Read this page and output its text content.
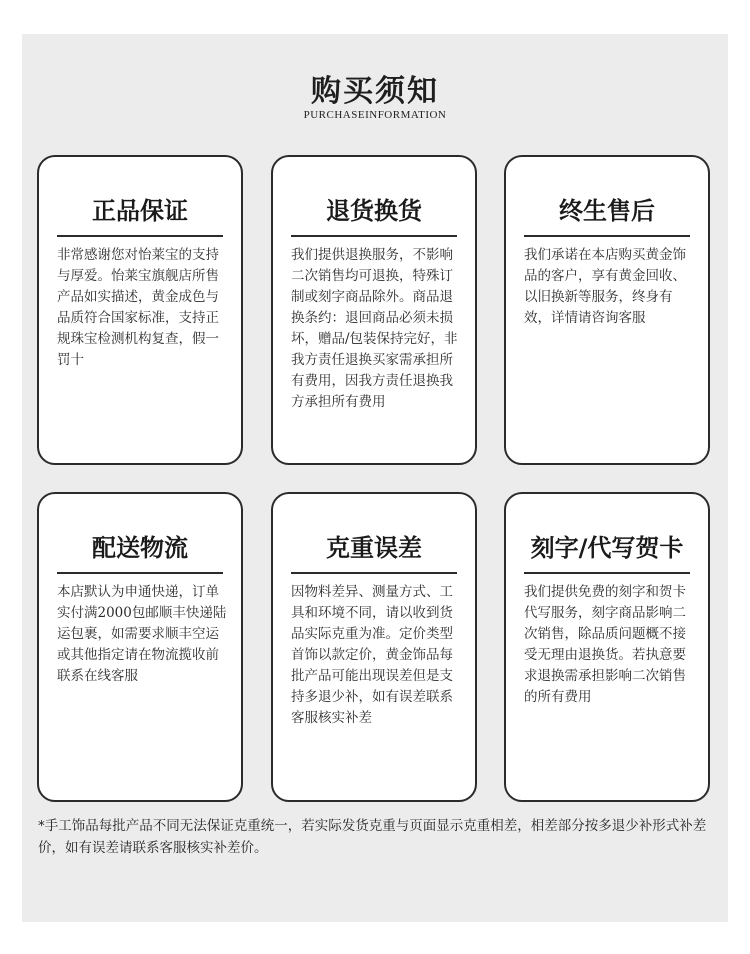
购买须知
PURCHASEINFORMATION
正品保证
非常感谢您对怡莱宝的支持与厚爱。怡莱宝旗舰店所售产品如实描述，黄金成色与品质符合国家标准，支持正规珠宝检测机构复查，假一罚十
退货换货
我们提供退换服务，不影响二次销售均可退换，特殊订制或刻字商品除外。商品退换条约：退回商品必须未损坏，赠品/包装保持完好，非我方责任退换买家需承担所有费用，因我方责任退换我方承担所有费用
终生售后
我们承诺在本店购买黄金饰品的客户，享有黄金回收、以旧换新等服务，终身有效，详情请咨询客服
配送物流
本店默认为申通快递，订单实付满2000包邮顺丰快递陆运包裹，如需要求顺丰空运或其他指定请在物流揽收前联系在线客服
克重误差
因物料差异、测量方式、工具和环境不同，请以收到货品实际克重为准。定价类型首饰以款定价，黄金饰品每批产品可能出现误差但是支持多退少补，如有误差联系客服核实补差
刻字/代写贺卡
我们提供免费的刻字和贺卡代写服务，刻字商品影响二次销售，除品质问题概不接受无理由退换货。若执意要求退换需承担影响二次销售的所有费用
*手工饰品每批产品不同无法保证克重统一，若实际发货克重与页面显示克重相差，相差部分按多退少补形式补差价，如有误差请联系客服核实补差价。
